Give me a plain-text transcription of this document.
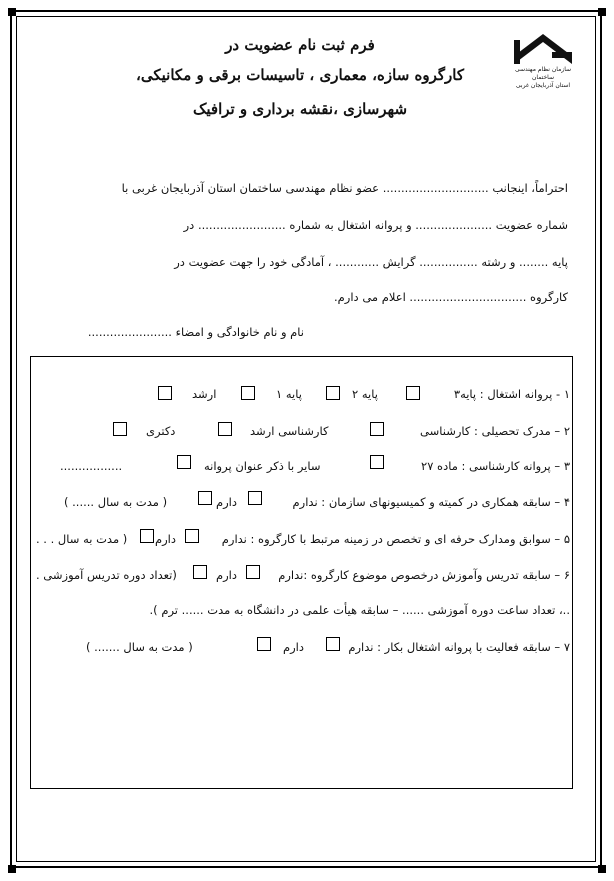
سازمان نظام مهندسی ساختمان
استان آذربایجان غربی
فرم ثبت نام عضویت در
کارگروه سازه، معماری ، تاسیسات برقی و مکانیکی،
شهرسازی ،نقشه برداری و ترافیک
احتراماً، اینجانب ............................. عضو نظام مهندسی ساختمان استان آذربایجان غربی با
شماره عضویت ..................... و پروانه اشتغال به شماره ........................ در
پایه ........ و رشته ................ گرایش ............ ، آمادگی خود را جهت عضویت در
کارگروه ................................ اعلام می دارم.
نام و نام خانوادگی و امضاء .......................
۱ - پروانه اشتغال : پایه۳
پایه ۲
پایه ۱
ارشد
۲ – مدرک تحصیلی : کارشناسی
کارشناسی ارشد
دکتری
۳ – پروانه کارشناسی : ماده ۲۷
سایر با ذکر عنوان پروانه
.................
۴ – سابقه همکاری در کمیته و کمیسیونهای سازمان : ندارم
دارم
( مدت به سال ...... )
۵ – سوابق ومدارک حرفه ای و تخصص در زمینه مرتبط با کارگروه : ندارم
دارم
( مدت به سال . . .
۶ – سابقه تدریس وآموزش درخصوص موضوع کارگروه :ندارم
دارم
(تعداد دوره تدریس آموزشی .
..، تعداد ساعت دوره آموزشی ...... – سابقه هیأت علمی در دانشگاه به مدت ...... ترم ).
۷ – سابقه فعالیت با پروانه اشتغال بکار : ندارم
دارم
( مدت به سال ....... )
